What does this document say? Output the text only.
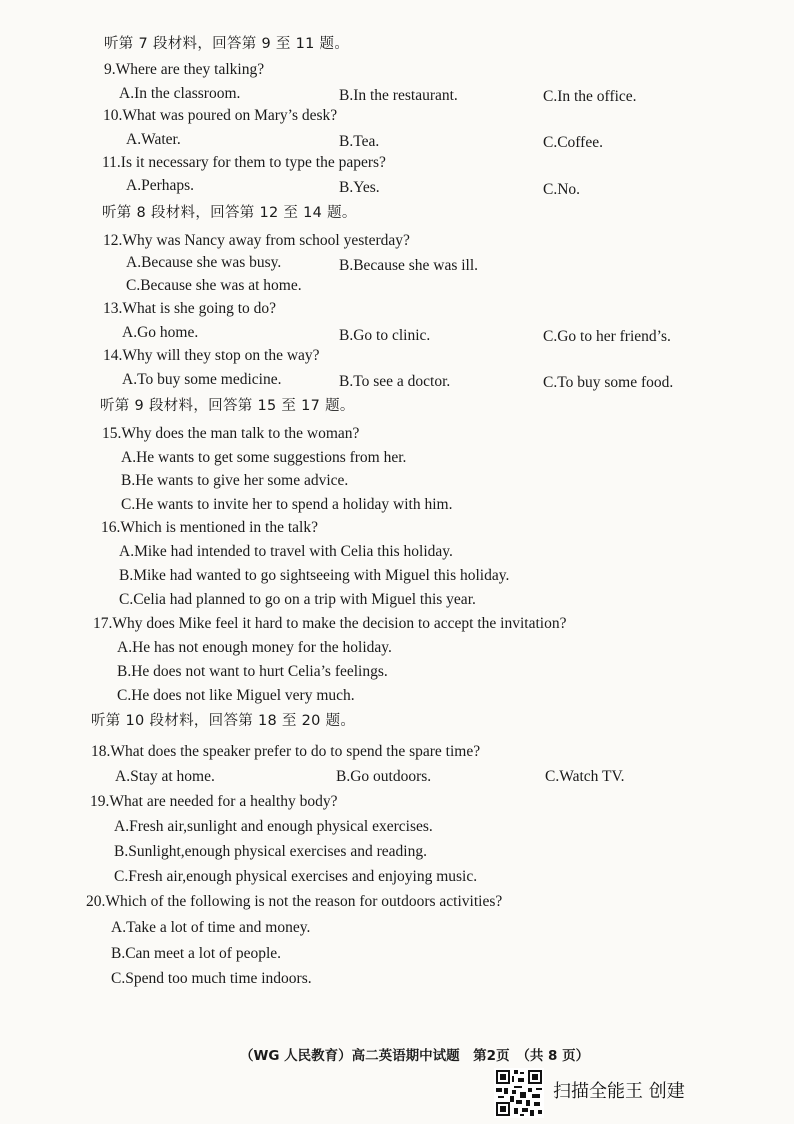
听第 7 段材料，回答第 9 至 11 题。
9.Where are they talking?
A.In the classroom.	B.In the restaurant.	C.In the office.
10.What was poured on Mary’s desk?
A.Water.	B.Tea.	C.Coffee.
11.Is it necessary for them to type the papers?
A.Perhaps.	B.Yes.	C.No.
听第 8 段材料，回答第 12 至 14 题。
12.Why was Nancy away from school yesterday?
A.Because she was busy.	B.Because she was ill.
C.Because she was at home.
13.What is she going to do?
A.Go home.	B.Go to clinic.	C.Go to her friend’s.
14.Why will they stop on the way?
A.To buy some medicine.	B.To see a doctor.	C.To buy some food.
听第 9 段材料，回答第 15 至 17 题。
15.Why does the man talk to the woman?
A.He wants to get some suggestions from her.
B.He wants to give her some advice.
C.He wants to invite her to spend a holiday with him.
16.Which is mentioned in the talk?
A.Mike had intended to travel with Celia this holiday.
B.Mike had wanted to go sightseeing with Miguel this holiday.
C.Celia had planned to go on a trip with Miguel this year.
17.Why does Mike feel it hard to make the decision to accept the invitation?
A.He has not enough money for the holiday.
B.He does not want to hurt Celia’s feelings.
C.He does not like Miguel very much.
听第 10 段材料，回答第 18 至 20 题。
18.What does the speaker prefer to do to spend the spare time?
A.Stay at home.	B.Go outdoors.	C.Watch TV.
19.What are needed for a healthy body?
A.Fresh air,sunlight and enough physical exercises.
B.Sunlight,enough physical exercises and reading.
C.Fresh air,enough physical exercises and enjoying music.
20.Which of the following is not the reason for outdoors activities?
A.Take a lot of time and money.
B.Can meet a lot of people.
C.Spend too much time indoors.
（WG 人民教育）高二英语期中试题　第2页　（共 8 页）
扫描全能王 创建
